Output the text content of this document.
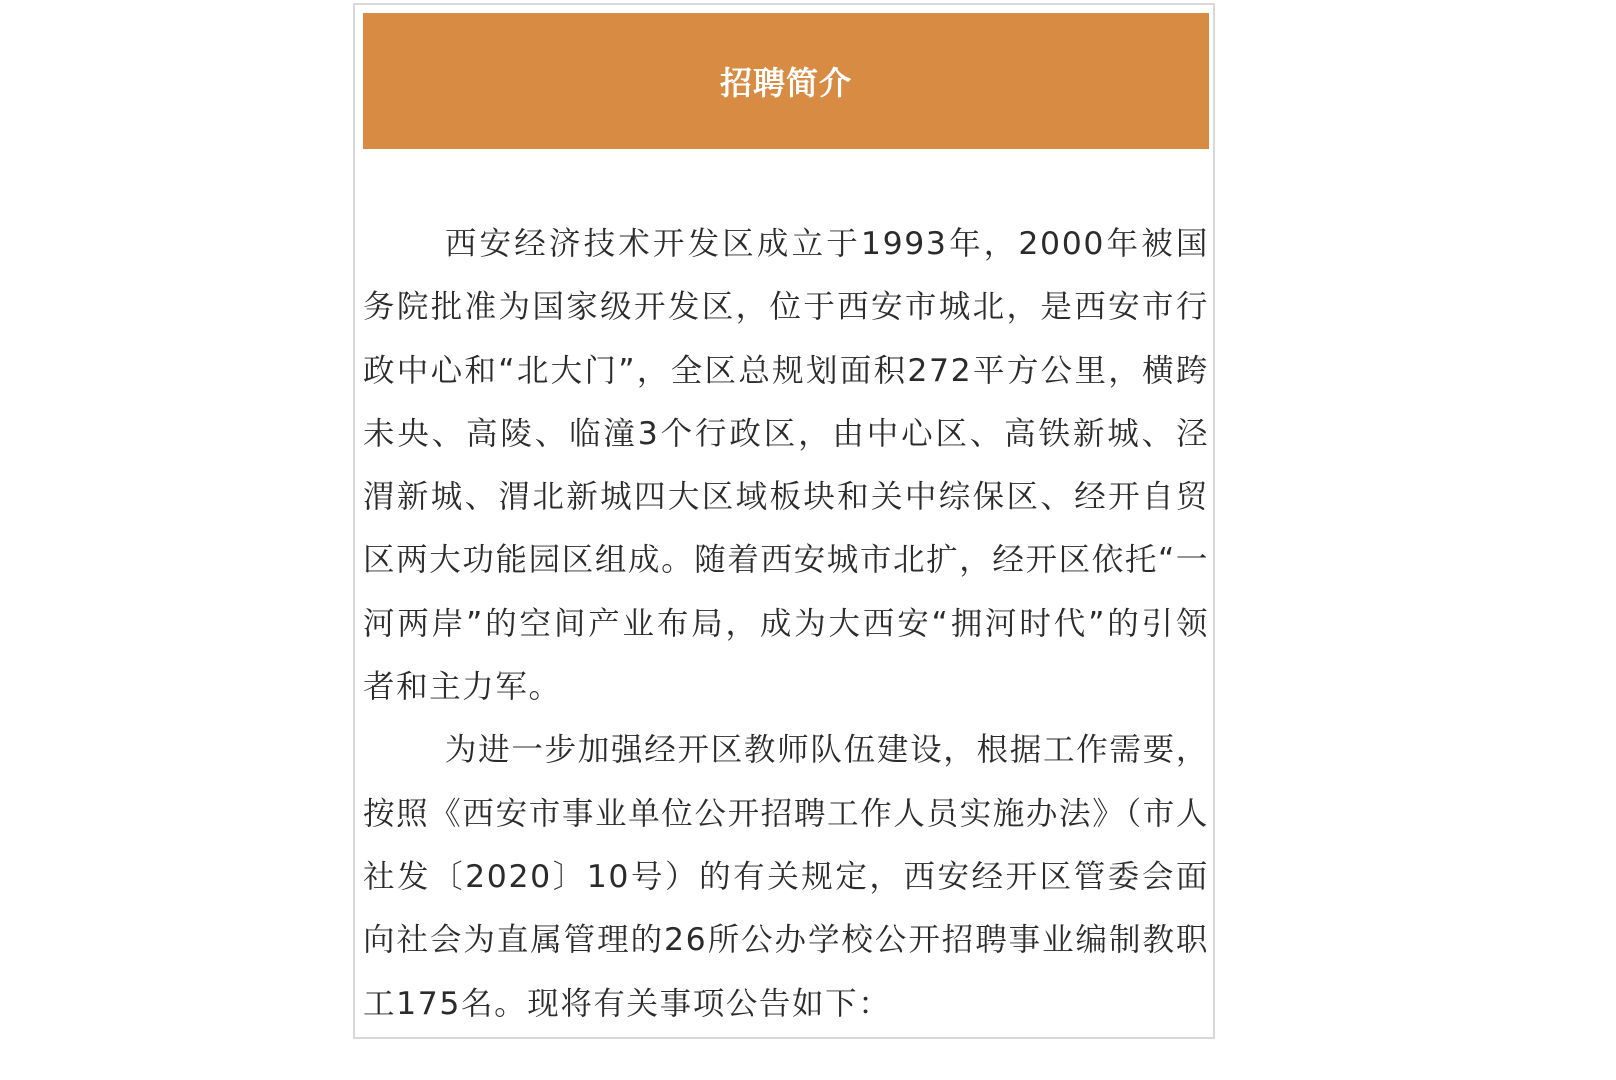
招聘简介

西安经济技术开发区成立于1993年，2000年被国务院批准为国家级开发区，位于西安市城北，是西安市行政中心和“北大门”，全区总规划面积272平方公里，横跨未央、高陵、临潼3个行政区，由中心区、高铁新城、泾渭新城、渭北新城四大区域板块和关中综保区、经开自贸区两大功能园区组成。随着西安城市北扩，经开区依托“一河两岸”的空间产业布局，成为大西安“拥河时代”的引领者和主力军。

为进一步加强经开区教师队伍建设，根据工作需要，按照《西安市事业单位公开招聘工作人员实施办法》（市人社发〔2020〕10号）的有关规定，西安经开区管委会面向社会为直属管理的26所公办学校公开招聘事业编制教职工175名。现将有关事项公告如下：
